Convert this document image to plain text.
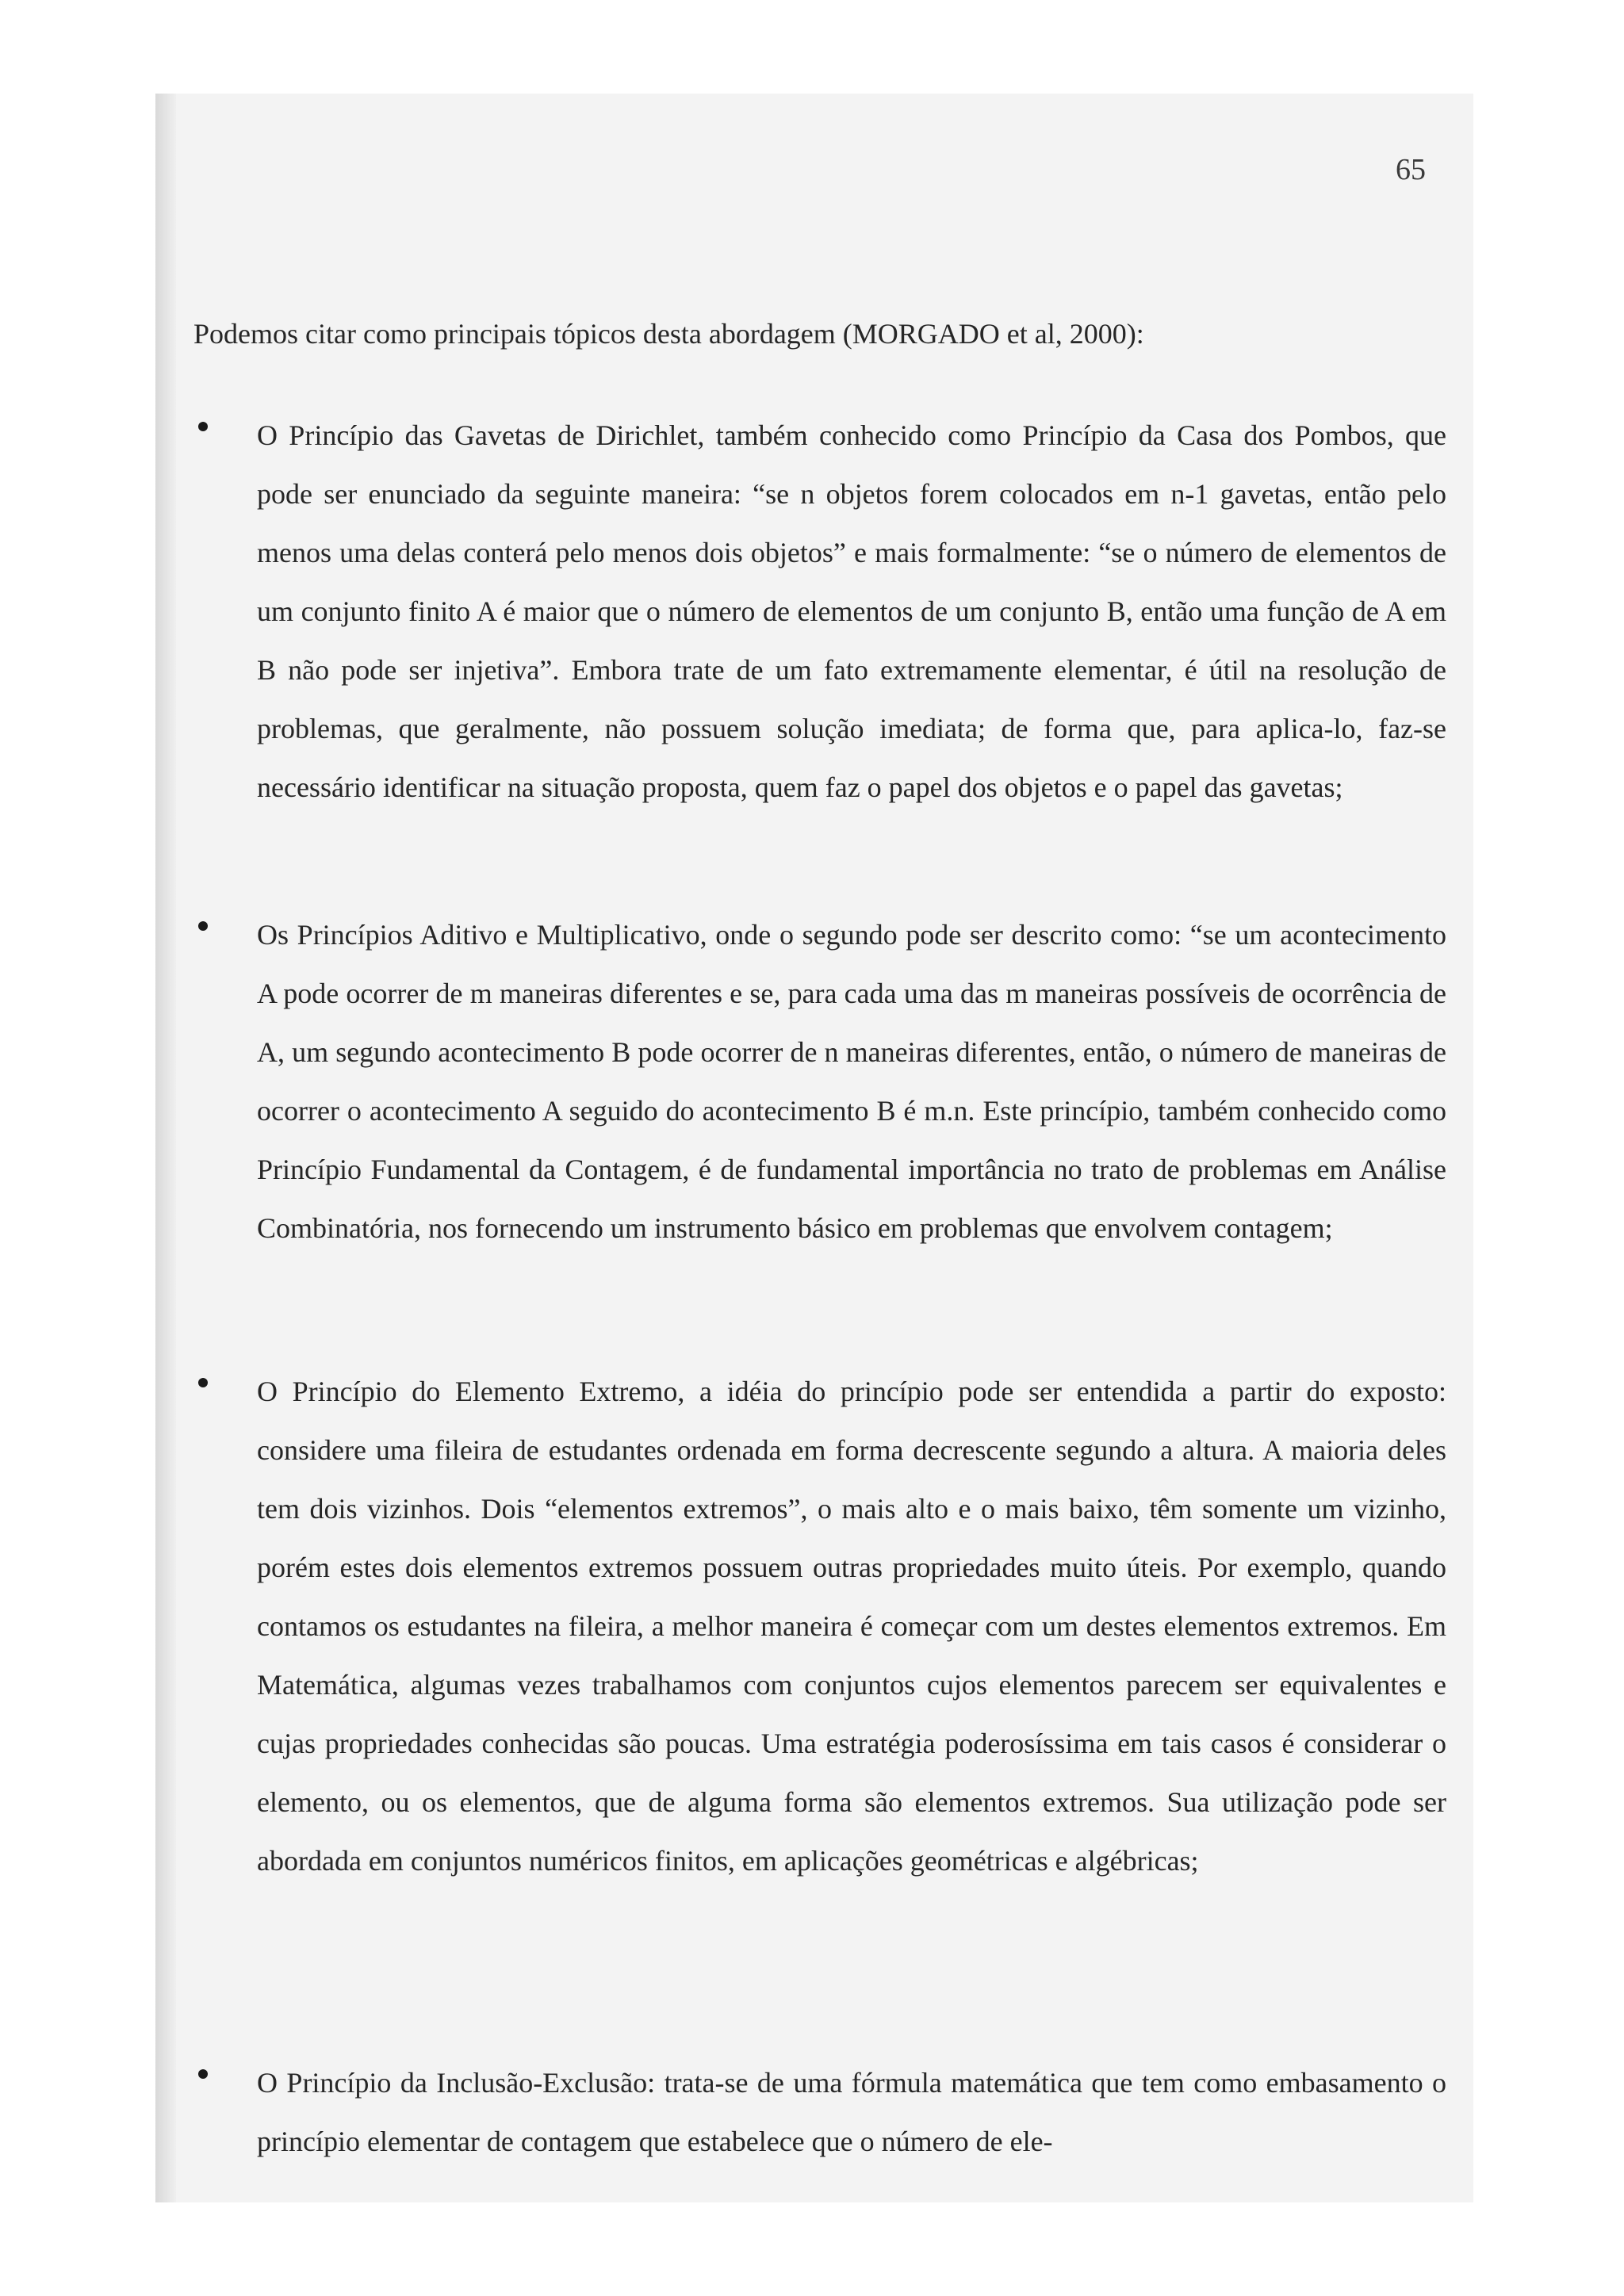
65

Podemos citar como principais tópicos desta abordagem (MORGADO et al, 2000):

O Princípio das Gavetas de Dirichlet, também conhecido como Princípio da Casa dos Pombos, que pode ser enunciado da seguinte maneira: “se n objetos forem colocados em n-1 gavetas, então pelo menos uma delas conterá pelo menos dois objetos” e mais formalmente: “se o número de elementos de um conjunto finito A é maior que o número de elementos de um conjunto B, então uma função de A em B não pode ser injetiva”. Embora trate de um fato extremamente elementar, é útil na resolução de problemas, que geralmente, não possuem solução imediata; de forma que, para aplica-lo, faz-se necessário identificar na situação proposta, quem faz o papel dos objetos e o papel das gavetas;

Os Princípios Aditivo e Multiplicativo, onde o segundo pode ser descrito como: “se um acontecimento A pode ocorrer de m maneiras diferentes e se, para cada uma das m maneiras possíveis de ocorrência de A, um segundo acontecimento B pode ocorrer de n maneiras diferentes, então, o número de maneiras de ocorrer o acontecimento A seguido do acontecimento B é m.n. Este princípio, também conhecido como Princípio Fundamental da Contagem, é de fundamental importância no trato de problemas em Análise Combinatória, nos fornecendo um instrumento básico em problemas que envolvem contagem;

O Princípio do Elemento Extremo, a idéia do princípio pode ser entendida a partir do exposto: considere uma fileira de estudantes ordenada em forma decrescente segundo a altura. A maioria deles tem dois vizinhos. Dois “elementos extremos”, o mais alto e o mais baixo, têm somente um vizinho, porém estes dois elementos extremos possuem outras propriedades muito úteis. Por exemplo, quando contamos os estudantes na fileira, a melhor maneira é começar com um destes elementos extremos. Em Matemática, algumas vezes trabalhamos com conjuntos cujos elementos parecem ser equivalentes e cujas propriedades conhecidas são poucas. Uma estratégia poderosíssima em tais casos é considerar o elemento, ou os elementos, que de alguma forma são elementos extremos. Sua utilização pode ser abordada em conjuntos numéricos finitos, em aplicações geométricas e algébricas;

O Princípio da Inclusão-Exclusão: trata-se de uma fórmula matemática que tem como embasamento o princípio elementar de contagem que estabelece que o número de ele-
